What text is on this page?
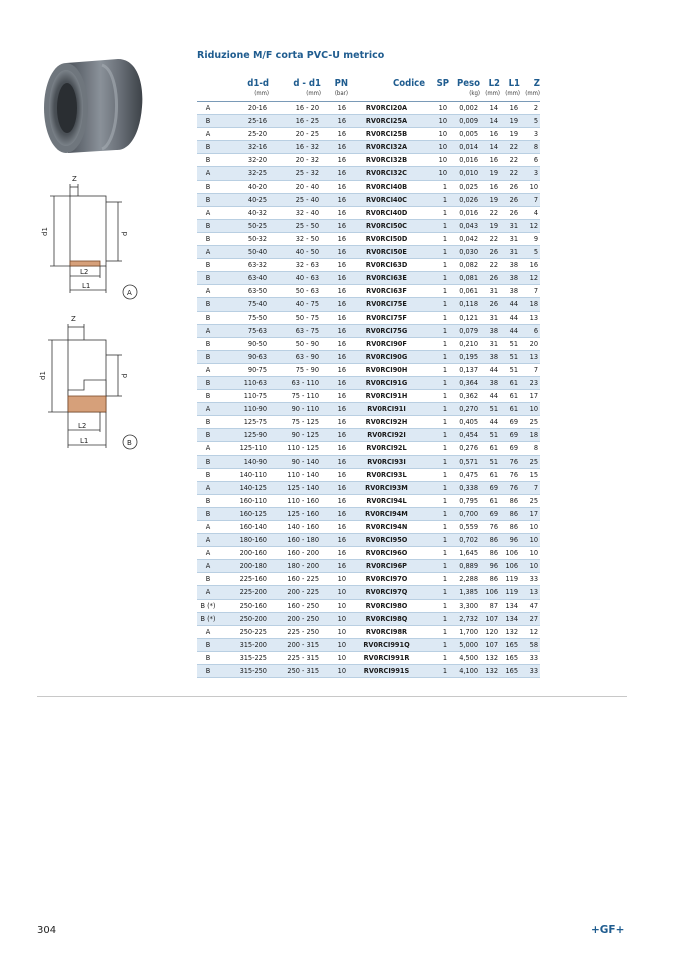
Riduzione M/F corta PVC-U metrico
Z
d1	d
L2
L1
A
Z
d1	d
L2
L1	B
	d1-d	d - d1	PN	Codice	SP	Peso	L2	L1	Z
	(mm)	(mm)	(bar)			(kg)	(mm)	(mm)	(mm)
A	20-16	16 - 20	16	RV0RCI20A	10	0,002	14	16	2
B	25-16	16 - 25	16	RV0RCI25A	10	0,009	14	19	5
A	25-20	20 - 25	16	RV0RCI25B	10	0,005	16	19	3
B	32-16	16 - 32	16	RV0RCI32A	10	0,014	14	22	8
B	32-20	20 - 32	16	RV0RCI32B	10	0,016	16	22	6
A	32-25	25 - 32	16	RV0RCI32C	10	0,010	19	22	3
B	40-20	20 - 40	16	RV0RCI40B	1	0,025	16	26	10
B	40-25	25 - 40	16	RV0RCI40C	1	0,026	19	26	7
A	40-32	32 - 40	16	RV0RCI40D	1	0,016	22	26	4
B	50-25	25 - 50	16	RV0RCI50C	1	0,043	19	31	12
B	50-32	32 - 50	16	RV0RCI50D	1	0,042	22	31	9
A	50-40	40 - 50	16	RV0RCI50E	1	0,030	26	31	5
B	63-32	32 - 63	16	RV0RCI63D	1	0,082	22	38	16
B	63-40	40 - 63	16	RV0RCI63E	1	0,081	26	38	12
A	63-50	50 - 63	16	RV0RCI63F	1	0,061	31	38	7
B	75-40	40 - 75	16	RV0RCI75E	1	0,118	26	44	18
B	75-50	50 - 75	16	RV0RCI75F	1	0,121	31	44	13
A	75-63	63 - 75	16	RV0RCI75G	1	0,079	38	44	6
B	90-50	50 - 90	16	RV0RCI90F	1	0,210	31	51	20
B	90-63	63 - 90	16	RV0RCI90G	1	0,195	38	51	13
A	90-75	75 - 90	16	RV0RCI90H	1	0,137	44	51	7
B	110-63	63 - 110	16	RV0RCI91G	1	0,364	38	61	23
B	110-75	75 - 110	16	RV0RCI91H	1	0,362	44	61	17
A	110-90	90 - 110	16	RV0RCI91I	1	0,270	51	61	10
B	125-75	75 - 125	16	RV0RCI92H	1	0,405	44	69	25
B	125-90	90 - 125	16	RV0RCI92I	1	0,454	51	69	18
A	125-110	110 - 125	16	RV0RCI92L	1	0,276	61	69	8
B	140-90	90 - 140	16	RV0RCI93I	1	0,571	51	76	25
B	140-110	110 - 140	16	RV0RCI93L	1	0,475	61	76	15
A	140-125	125 - 140	16	RV0RCI93M	1	0,338	69	76	7
B	160-110	110 - 160	16	RV0RCI94L	1	0,795	61	86	25
B	160-125	125 - 160	16	RV0RCI94M	1	0,700	69	86	17
A	160-140	140 - 160	16	RV0RCI94N	1	0,559	76	86	10
A	180-160	160 - 180	16	RV0RCI95O	1	0,702	86	96	10
A	200-160	160 - 200	16	RV0RCI96O	1	1,645	86	106	10
A	200-180	180 - 200	16	RV0RCI96P	1	0,889	96	106	10
B	225-160	160 - 225	10	RV0RCI97O	1	2,288	86	119	33
A	225-200	200 - 225	10	RV0RCI97Q	1	1,385	106	119	13
B (*)	250-160	160 - 250	10	RV0RCI98O	1	3,300	87	134	47
B (*)	250-200	200 - 250	10	RV0RCI98Q	1	2,732	107	134	27
A	250-225	225 - 250	10	RV0RCI98R	1	1,700	120	132	12
B	315-200	200 - 315	10	RV0RCI991Q	1	5,000	107	165	58
B	315-225	225 - 315	10	RV0RCI991R	1	4,500	132	165	33
B	315-250	250 - 315	10	RV0RCI991S	1	4,100	132	165	33
304	+GF+
